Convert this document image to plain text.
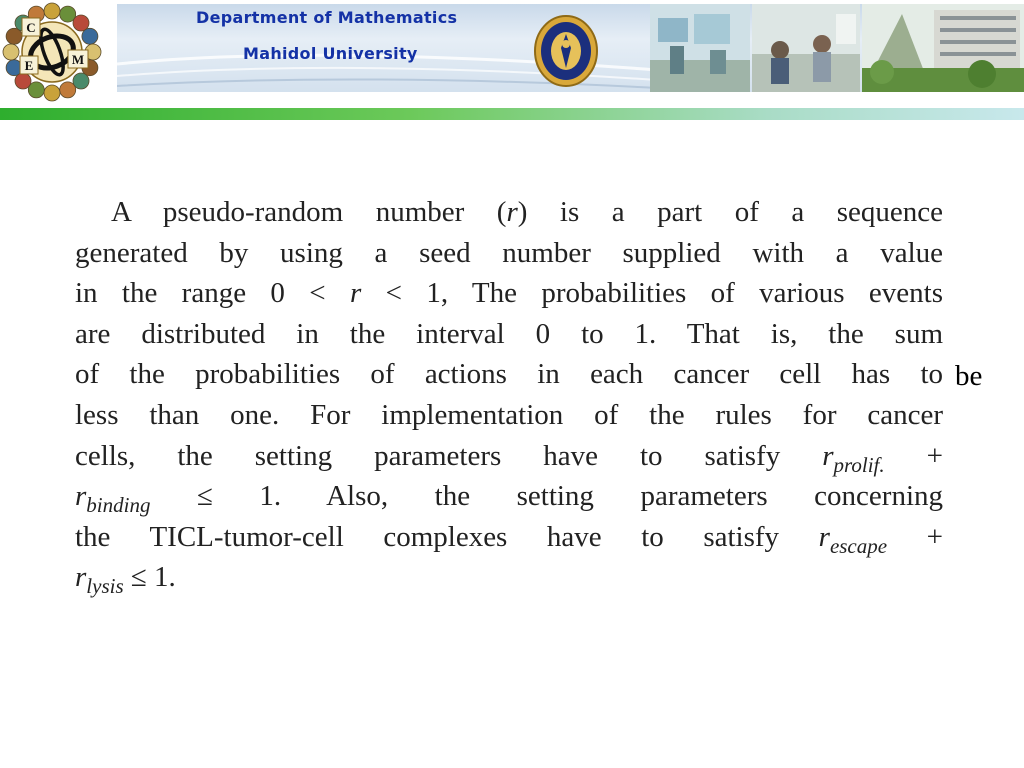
C
E	M
Department of Mathematics
Mahidol University
A pseudo-random number (r) is a part of a sequence
generated by using a seed number supplied with a value
in the range 0 < r < 1, The probabilities of various events
are distributed in the interval 0 to 1. That is, the sum
of the probabilities of actions in each cancer cell has to
less than one. For implementation of the rules for cancer
cells, the setting parameters have to satisfy $r_{prolif.}$ +
$r_{binding} \le 1$. Also, the setting parameters concerning
the TICL-tumor-cell complexes have to satisfy $r_{escape}$ +
$r_{lysis} \le 1$.
be
